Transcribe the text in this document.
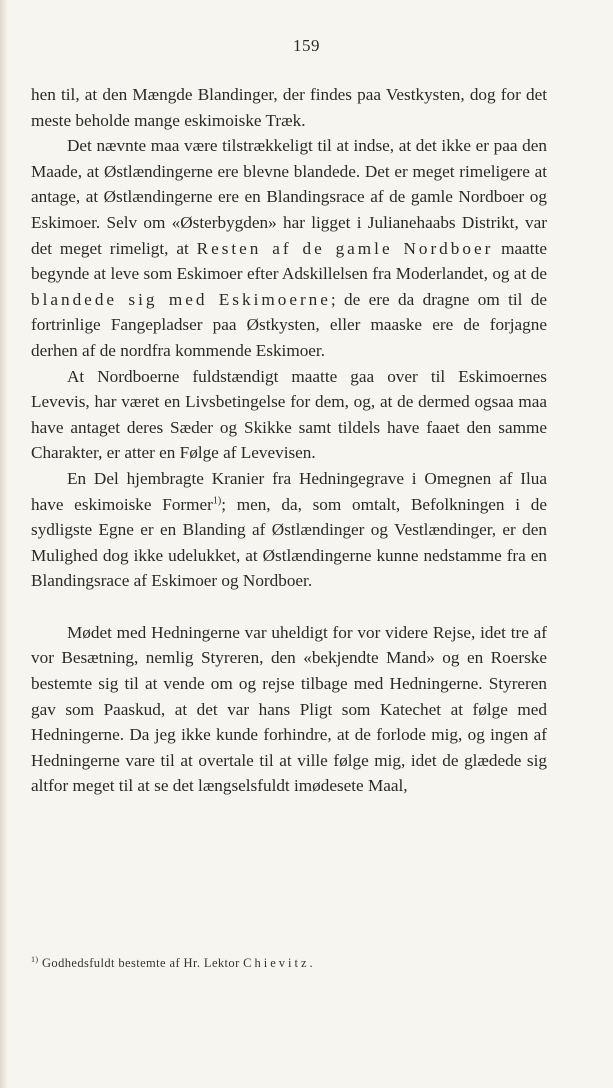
159

hen til, at den Mængde Blandinger, der findes paa Vestkysten, dog for det meste beholde mange eskimoiske Træk.

Det nævnte maa være tilstrækkeligt til at indse, at det ikke er paa den Maade, at Østlændingerne ere blevne blandede. Det er meget rimeligere at antage, at Østlændingerne ere en Blandingsrace af de gamle Nordboer og Eskimoer. Selv om «Østerbygden» har ligget i Julianehaabs Distrikt, var det meget rimeligt, at Resten af de gamle Nordboer maatte begynde at leve som Eskimoer efter Adskillelsen fra Moderlandet, og at de blandede sig med Eskimoerne; de ere da dragne om til de fortrinlige Fangepladser paa Østkysten, eller maaske ere de forjagne derhen af de nordfra kommende Eskimoer.

At Nordboerne fuldstændigt maatte gaa over til Eskimoernes Levevis, har været en Livsbetingelse for dem, og, at de dermed ogsaa maa have antaget deres Sæder og Skikke samt tildels have faaet den samme Charakter, er atter en Følge af Levevisen.

En Del hjembragte Kranier fra Hedningegrave i Omegnen af Ilua have eskimoiske Former$^{1)}$; men, da, som omtalt, Befolkningen i de sydligste Egne er en Blanding af Østlændinger og Vestlændinger, er den Mulighed dog ikke udelukket, at Østlændingerne kunne nedstamme fra en Blandingsrace af Eskimoer og Nordboer.

Mødet med Hedningerne var uheldigt for vor videre Rejse, idet tre af vor Besætning, nemlig Styreren, den «bekjendte Mand» og en Roerske bestemte sig til at vende om og rejse tilbage med Hedningerne. Styreren gav som Paaskud, at det var hans Pligt som Katechet at følge med Hedningerne. Da jeg ikke kunde forhindre, at de forlode mig, og ingen af Hedningerne vare til at overtale til at ville følge mig, idet de glædede sig altfor meget til at se det længselsfuldt imødesete Maal,

$^{1)}$ Godhedsfuldt bestemte af Hr. Lektor Chievitz.
